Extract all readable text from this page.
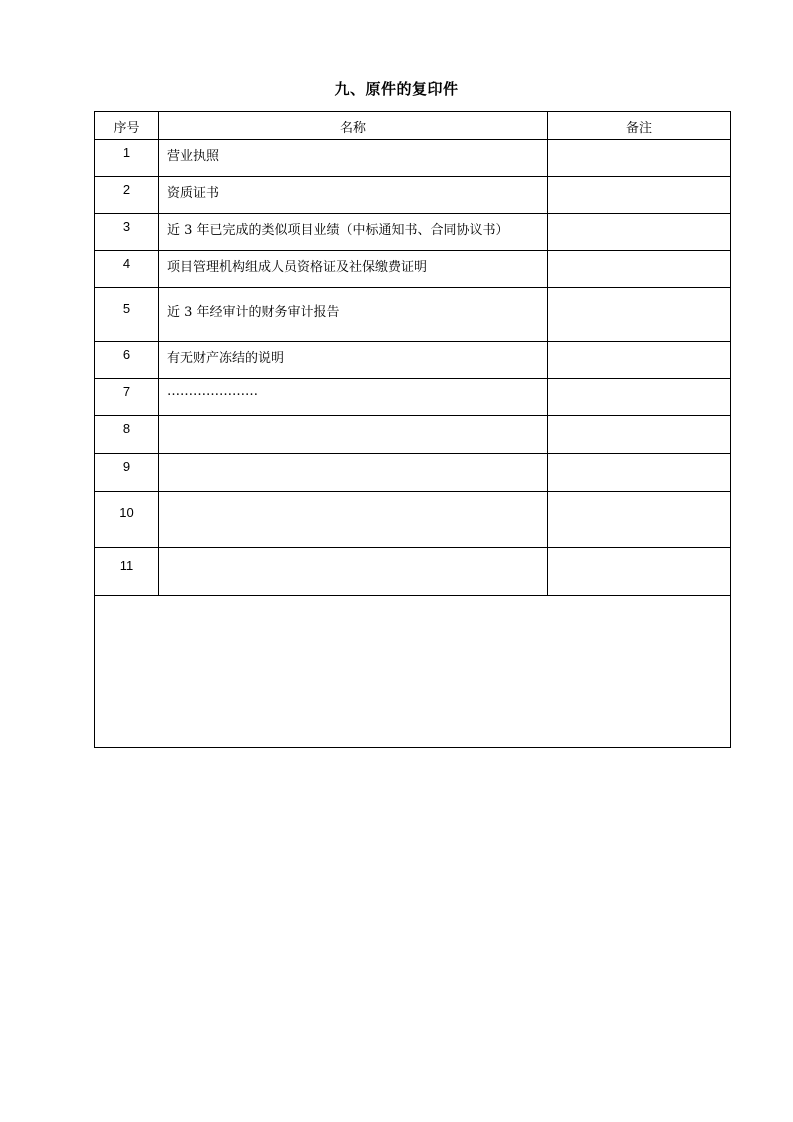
九、原件的复印件
序号	名称	备注
1	营业执照	
2	资质证书	
3	近 3 年已完成的类似项目业绩（中标通知书、合同协议书）	
4	项目管理机构组成人员资格证及社保缴费证明	
5	近 3 年经审计的财务审计报告	
6	有无财产冻结的说明	
7	…………………	
8		
9		
10		
11		
